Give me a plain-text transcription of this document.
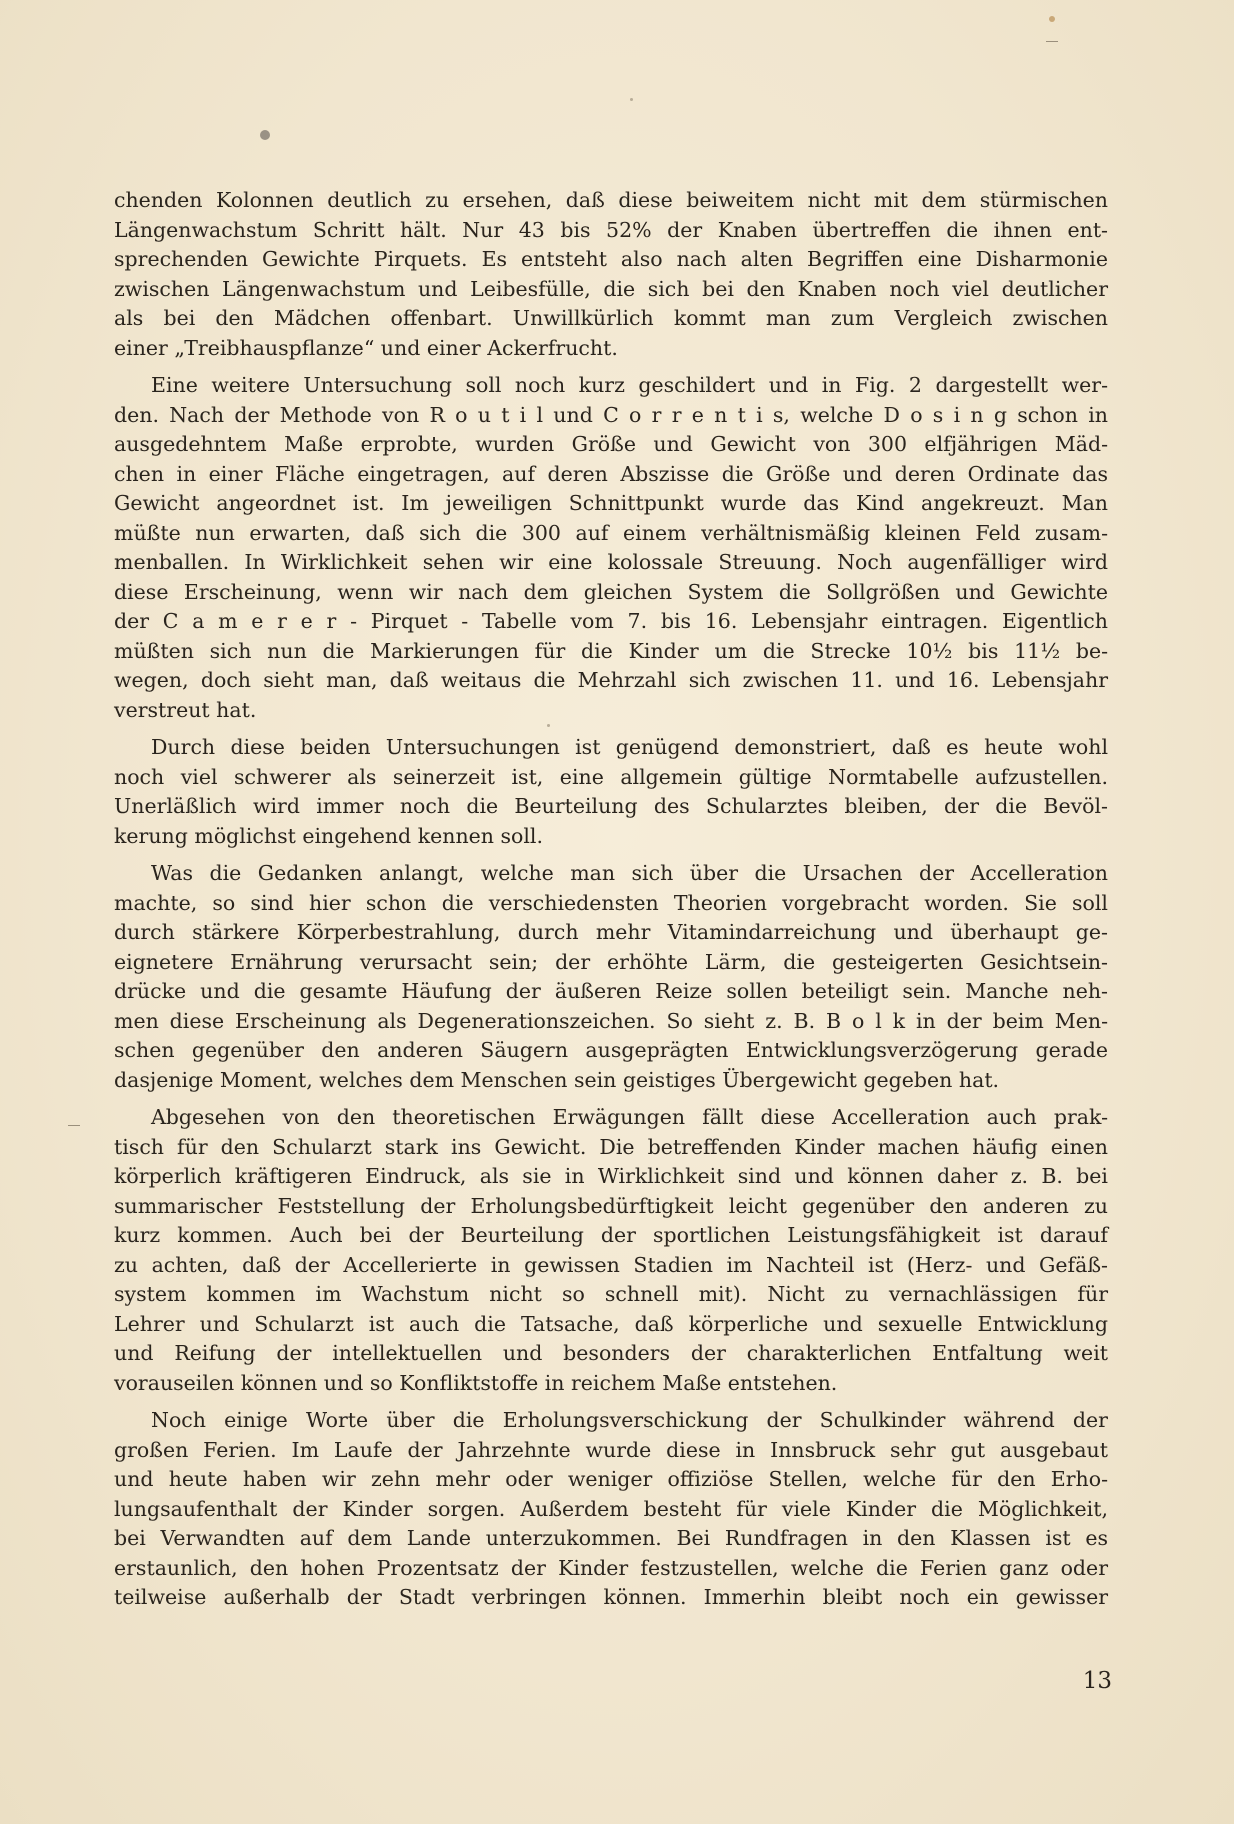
chenden Kolonnen deutlich zu ersehen, daß diese beiweitem nicht mit dem stürmischen
Längenwachstum Schritt hält. Nur 43 bis 52% der Knaben übertreffen die ihnen ent-
sprechenden Gewichte Pirquets. Es entsteht also nach alten Begriffen eine Disharmonie
zwischen Längenwachstum und Leibesfülle, die sich bei den Knaben noch viel deutlicher
als bei den Mädchen offenbart. Unwillkürlich kommt man zum Vergleich zwischen
einer „Treibhauspflanze“ und einer Ackerfrucht.
Eine weitere Untersuchung soll noch kurz geschildert und in Fig. 2 dargestellt wer-
den. Nach der Methode von R o u t i l und C o r r e n t i s, welche D o s i n g schon in
ausgedehntem Maße erprobte, wurden Größe und Gewicht von 300 elfjährigen Mäd-
chen in einer Fläche eingetragen, auf deren Abszisse die Größe und deren Ordinate das
Gewicht angeordnet ist. Im jeweiligen Schnittpunkt wurde das Kind angekreuzt. Man
müßte nun erwarten, daß sich die 300 auf einem verhältnismäßig kleinen Feld zusam-
menballen. In Wirklichkeit sehen wir eine kolossale Streuung. Noch augenfälliger wird
diese Erscheinung, wenn wir nach dem gleichen System die Sollgrößen und Gewichte
der C a m e r e r - Pirquet - Tabelle vom 7. bis 16. Lebensjahr eintragen. Eigentlich
müßten sich nun die Markierungen für die Kinder um die Strecke 10½ bis 11½ be-
wegen, doch sieht man, daß weitaus die Mehrzahl sich zwischen 11. und 16. Lebensjahr
verstreut hat.
Durch diese beiden Untersuchungen ist genügend demonstriert, daß es heute wohl
noch viel schwerer als seinerzeit ist, eine allgemein gültige Normtabelle aufzustellen.
Unerläßlich wird immer noch die Beurteilung des Schularztes bleiben, der die Bevöl-
kerung möglichst eingehend kennen soll.
Was die Gedanken anlangt, welche man sich über die Ursachen der Accelleration
machte, so sind hier schon die verschiedensten Theorien vorgebracht worden. Sie soll
durch stärkere Körperbestrahlung, durch mehr Vitamindarreichung und überhaupt ge-
eignetere Ernährung verursacht sein; der erhöhte Lärm, die gesteigerten Gesichtsein-
drücke und die gesamte Häufung der äußeren Reize sollen beteiligt sein. Manche neh-
men diese Erscheinung als Degenerationszeichen. So sieht z. B. B o l k in der beim Men-
schen gegenüber den anderen Säugern ausgeprägten Entwicklungsverzögerung gerade
dasjenige Moment, welches dem Menschen sein geistiges Übergewicht gegeben hat.
Abgesehen von den theoretischen Erwägungen fällt diese Accelleration auch prak-
tisch für den Schularzt stark ins Gewicht. Die betreffenden Kinder machen häufig einen
körperlich kräftigeren Eindruck, als sie in Wirklichkeit sind und können daher z. B. bei
summarischer Feststellung der Erholungsbedürftigkeit leicht gegenüber den anderen zu
kurz kommen. Auch bei der Beurteilung der sportlichen Leistungsfähigkeit ist darauf
zu achten, daß der Accellerierte in gewissen Stadien im Nachteil ist (Herz- und Gefäß-
system kommen im Wachstum nicht so schnell mit). Nicht zu vernachlässigen für
Lehrer und Schularzt ist auch die Tatsache, daß körperliche und sexuelle Entwicklung
und Reifung der intellektuellen und besonders der charakterlichen Entfaltung weit
vorauseilen können und so Konfliktstoffe in reichem Maße entstehen.
Noch einige Worte über die Erholungsverschickung der Schulkinder während der
großen Ferien. Im Laufe der Jahrzehnte wurde diese in Innsbruck sehr gut ausgebaut
und heute haben wir zehn mehr oder weniger offiziöse Stellen, welche für den Erho-
lungsaufenthalt der Kinder sorgen. Außerdem besteht für viele Kinder die Möglichkeit,
bei Verwandten auf dem Lande unterzukommen. Bei Rundfragen in den Klassen ist es
erstaunlich, den hohen Prozentsatz der Kinder festzustellen, welche die Ferien ganz oder
teilweise außerhalb der Stadt verbringen können. Immerhin bleibt noch ein gewisser
13
